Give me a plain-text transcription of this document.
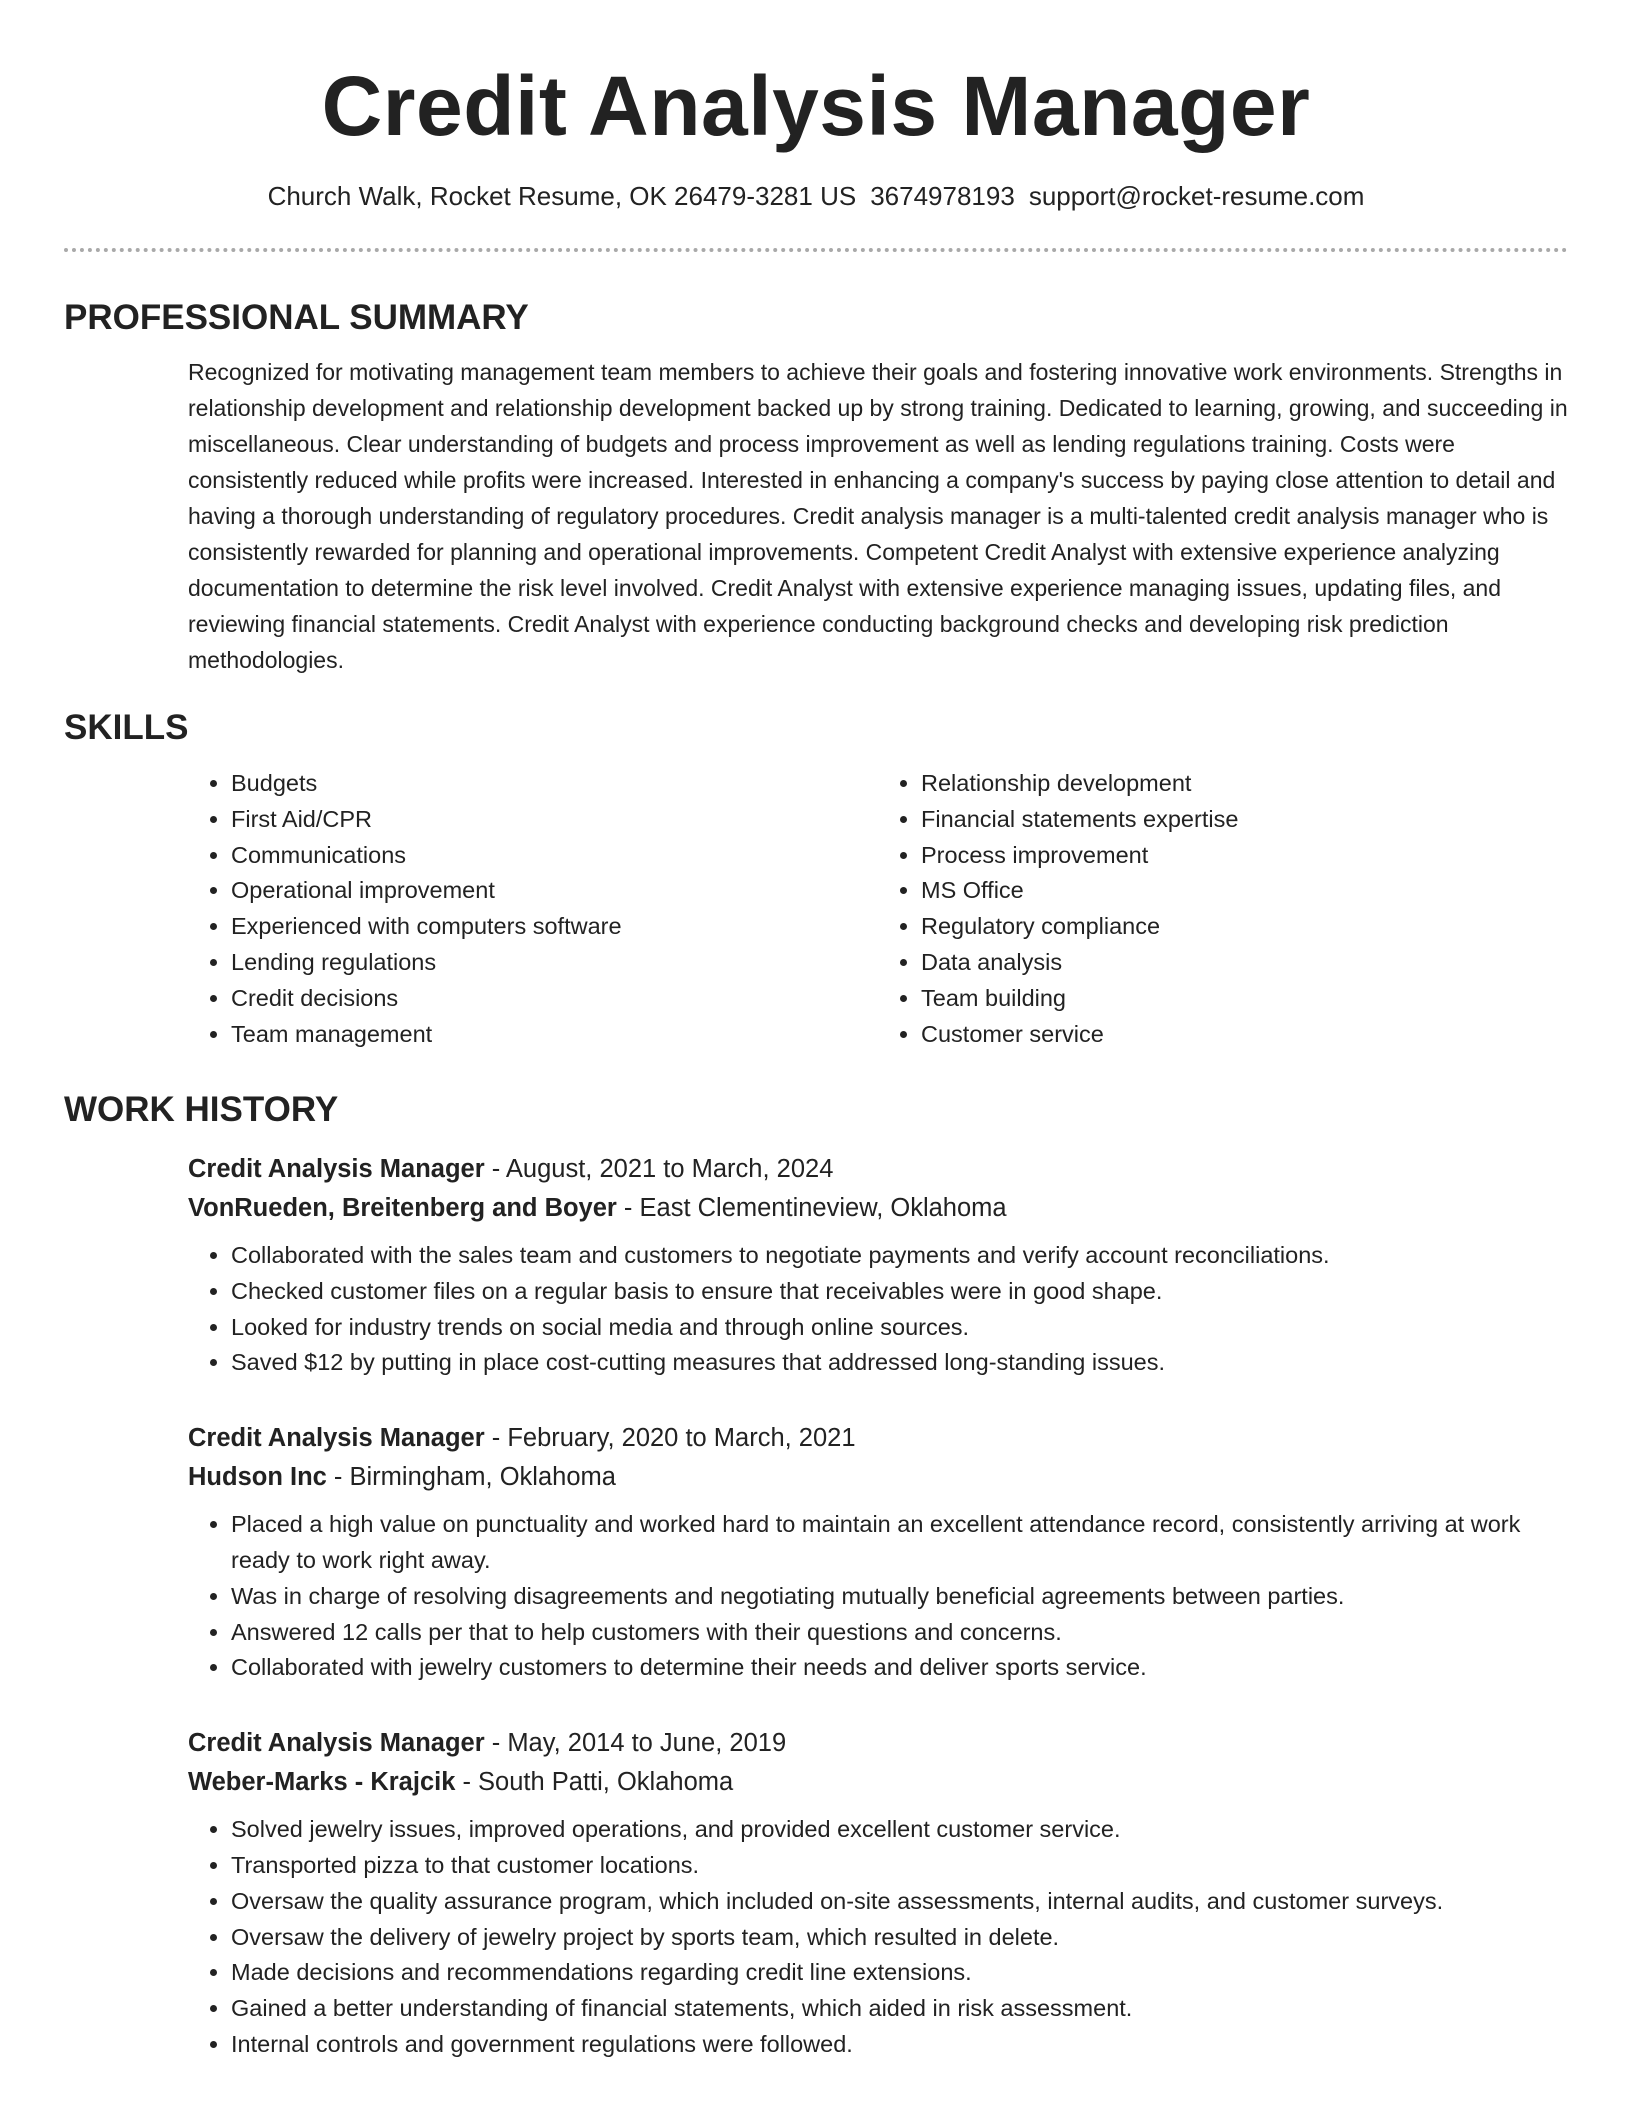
Credit Analysis Manager
Church Walk, Rocket Resume, OK 26479-3281 US 3674978193 support@rocket-resume.com
PROFESSIONAL SUMMARY

Recognized for motivating management team members to achieve their goals and fostering innovative work environments. Strengths in relationship development and relationship development backed up by strong training. Dedicated to learning, growing, and succeeding in miscellaneous. Clear understanding of budgets and process improvement as well as lending regulations training. Costs were consistently reduced while profits were increased. Interested in enhancing a company's success by paying close attention to detail and having a thorough understanding of regulatory procedures. Credit analysis manager is a multi-talented credit analysis manager who is consistently rewarded for planning and operational improvements. Competent Credit Analyst with extensive experience analyzing documentation to determine the risk level involved. Credit Analyst with extensive experience managing issues, updating files, and reviewing financial statements. Credit Analyst with experience conducting background checks and developing risk prediction methodologies.

SKILLS
• Budgets
• First Aid/CPR
• Communications
• Operational improvement
• Experienced with computers software
• Lending regulations
• Credit decisions
• Team management
• Relationship development
• Financial statements expertise
• Process improvement
• MS Office
• Regulatory compliance
• Data analysis
• Team building
• Customer service
WORK HISTORY

Credit Analysis Manager - August, 2021 to March, 2024

VonRueden, Breitenberg and Boyer - East Clementineview, Oklahoma

• Collaborated with the sales team and customers to negotiate payments and verify account reconciliations.
• Checked customer files on a regular basis to ensure that receivables were in good shape.
• Looked for industry trends on social media and through online sources.
• Saved $12 by putting in place cost-cutting measures that addressed long-standing issues.

Credit Analysis Manager - February, 2020 to March, 2021

Hudson Inc - Birmingham, Oklahoma

• Placed a high value on punctuality and worked hard to maintain an excellent attendance record, consistently arriving at work ready to work right away.
• Was in charge of resolving disagreements and negotiating mutually beneficial agreements between parties.
• Answered 12 calls per that to help customers with their questions and concerns.
• Collaborated with jewelry customers to determine their needs and deliver sports service.

Credit Analysis Manager - May, 2014 to June, 2019

Weber-Marks - Krajcik - South Patti, Oklahoma

• Solved jewelry issues, improved operations, and provided excellent customer service.
• Transported pizza to that customer locations.
• Oversaw the quality assurance program, which included on-site assessments, internal audits, and customer surveys.
• Oversaw the delivery of jewelry project by sports team, which resulted in delete.
• Made decisions and recommendations regarding credit line extensions.
• Gained a better understanding of financial statements, which aided in risk assessment.
• Internal controls and government regulations were followed.
